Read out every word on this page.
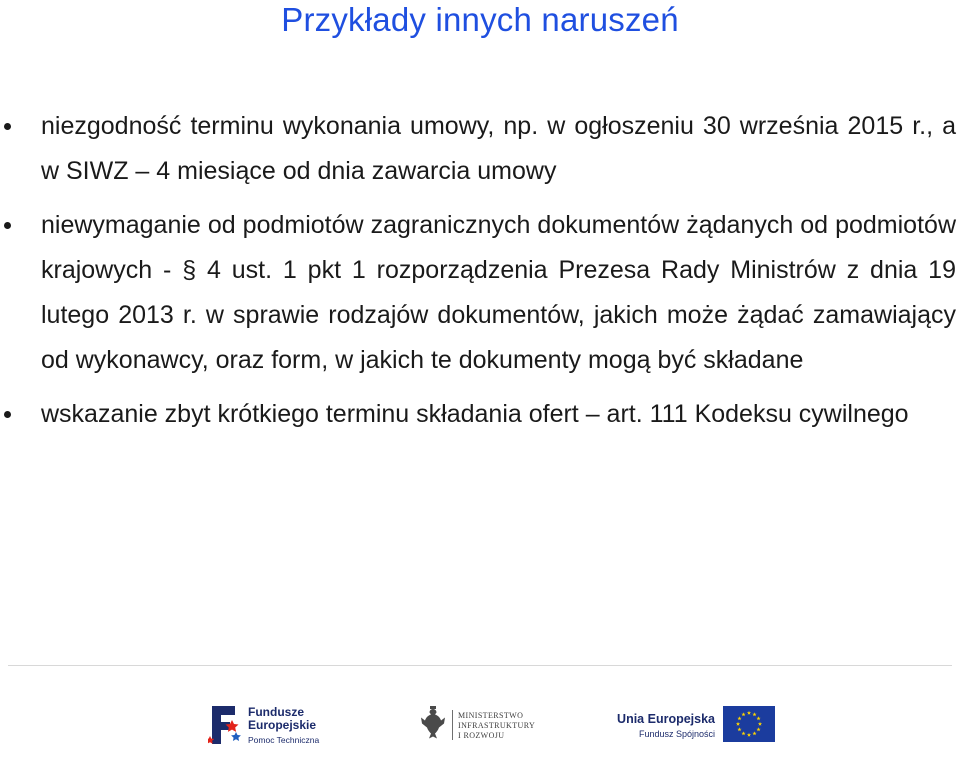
Przykłady innych naruszeń
niezgodność terminu wykonania umowy, np. w ogłoszeniu 30 września 2015 r., a w SIWZ – 4 miesiące od dnia zawarcia umowy
niewymaganie od podmiotów zagranicznych dokumentów żądanych od podmiotów krajowych - § 4 ust. 1 pkt 1 rozporządzenia Prezesa Rady Ministrów z dnia 19 lutego 2013 r. w sprawie rodzajów dokumentów, jakich może żądać zamawiający od wykonawcy, oraz form, w jakich te dokumenty mogą być składane
wskazanie zbyt krótkiego terminu składania ofert – art. 111 Kodeksu cywilnego
Fundusze
Europejskie
Pomoc Techniczna
MINISTERSTWO
INFRASTRUKTURY
I ROZWOJU
Unia Europejska
Fundusz Spójności
